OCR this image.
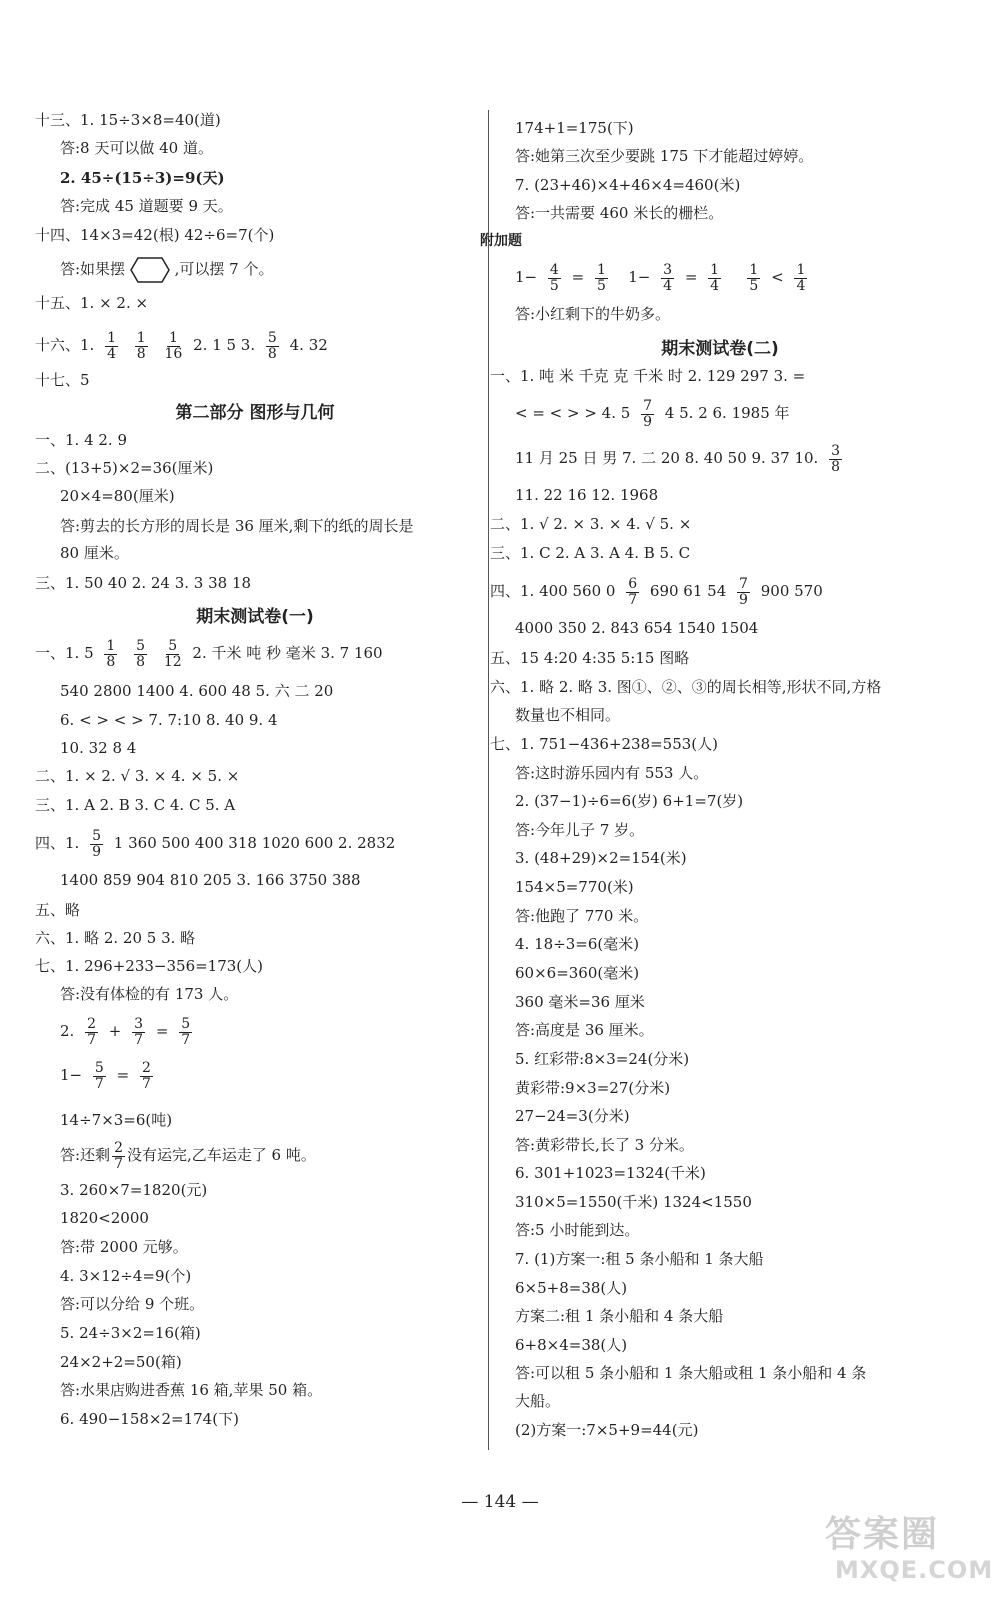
十三、1. 15÷3×8=40(道)
答:8 天可以做 40 道。
2. 45÷(15÷3)=9(天)
答:完成 45 道题要 9 天。
十四、14×3=42(根) 42÷6=7(个)
答:如果摆	,可以摆 7 个。
十五、1. × 2. ×
十六、1. $\frac{1}{4}$
$\frac{1}{8}$
$\frac{1}{16} 2$. 1 5 3. $\frac{5}{8} 4$. 32
十七、5
第二部分 图形与几何
一、1. 4 2. 9
二、(13+5)×2=36(厘米)
20×4=80(厘米)
答:剪去的长方形的周长是 36 厘米,剩下的纸的周长是
80 厘米。
三、1. 50 40 2. 24 3. 3 38 18
期末测试卷(一)
一、1. $5 \frac{1}{8}$
$\frac{5}{8}$
$\frac{5}{12} 2$. 千米 吨 秒 毫米 3. 7 160
540 2800 1400 4. 600 48 5. 六 二 20
6. < > < > 7. 7:10 8. 40 9. 4
10. 32 8 4
二、1. × 2. √ 3. × 4. × 5. ×
三、1. A 2. B 3. C 4. C 5. A
四、1. $\frac{5}{9} 1$ 360 500 400 318 1020 600 2. 2832
1400 859 904 810 205 3. 166 3750 388
五、略
六、1. 略 2. 20 5 3. 略
七、1. 296+233−356=173(人)
答:没有体检的有 173 人。
2. $\frac{2}{7} + \frac{3}{7} = \frac{5}{7}$
$1- \frac{5}{7} = \frac{2}{7}$
14÷7×3=6(吨)
答:还剩 $\frac{2}{7}$ 没有运完,乙车运走了 6 吨。
3. 260×7=1820(元)
1820<2000
答:带 2000 元够。
4. 3×12÷4=9(个)
答:可以分给 9 个班。
5. 24÷3×2=16(箱)
24×2+2=50(箱)
答:水果店购进香蕉 16 箱,苹果 50 箱。
6. 490−158×2=174(下)
174+1=175(下)
答:她第三次至少要跳 175 下才能超过婷婷。
7. (23+46)×4+46×4=460(米)
答:一共需要 460 米长的栅栏。
附加题
$1- \frac{4}{5} = \frac{1}{5} 1- \frac{3}{4} = \frac{1}{4}$
$\frac{1}{5} < \frac{1}{4}$
答:小红剩下的牛奶多。
期末测试卷(二)
一、1. 吨 米 千克 克 千米 时 2. 129 297 3. =
< = < > > 4. $5 \frac{7}{9} 4$ 5. 2 6. 1985 年
11 月 25 日 男 7. 二 20 8. 40 50 9. 37 10. $\frac{3}{8}$
11. 22 16 12. 1968
二、1. √ 2. × 3. × 4. √ 5. ×
三、1. C 2. A 3. A 4. B 5. C
四、1. 400 560 $0 \frac{6}{7} 690$ 61 $54 \frac{7}{9} 900$ 570
4000 350 2. 843 654 1540 1504
五、15 4:20 4:35 5:15 图略
六、1. 略 2. 略 3. 图①、②、③的周长相等,形状不同,方格
数量也不相同。
七、1. 751−436+238=553(人)
答:这时游乐园内有 553 人。
2. (37−1)÷6=6(岁) 6+1=7(岁)
答:今年儿子 7 岁。
3. (48+29)×2=154(米)
154×5=770(米)
答:他跑了 770 米。
4. 18÷3=6(毫米)
60×6=360(毫米)
360 毫米=36 厘米
答:高度是 36 厘米。
5. 红彩带:8×3=24(分米)
黄彩带:9×3=27(分米)
27−24=3(分米)
答:黄彩带长,长了 3 分米。
6. 301+1023=1324(千米)
310×5=1550(千米) 1324<1550
答:5 小时能到达。
7. (1)方案一:租 5 条小船和 1 条大船
6×5+8=38(人)
方案二:租 1 条小船和 4 条大船
6+8×4=38(人)
答:可以租 5 条小船和 1 条大船或租 1 条小船和 4 条
大船。
(2)方案一:7×5+9=44(元)
— 144 —
答案圈
MXQE.COM
